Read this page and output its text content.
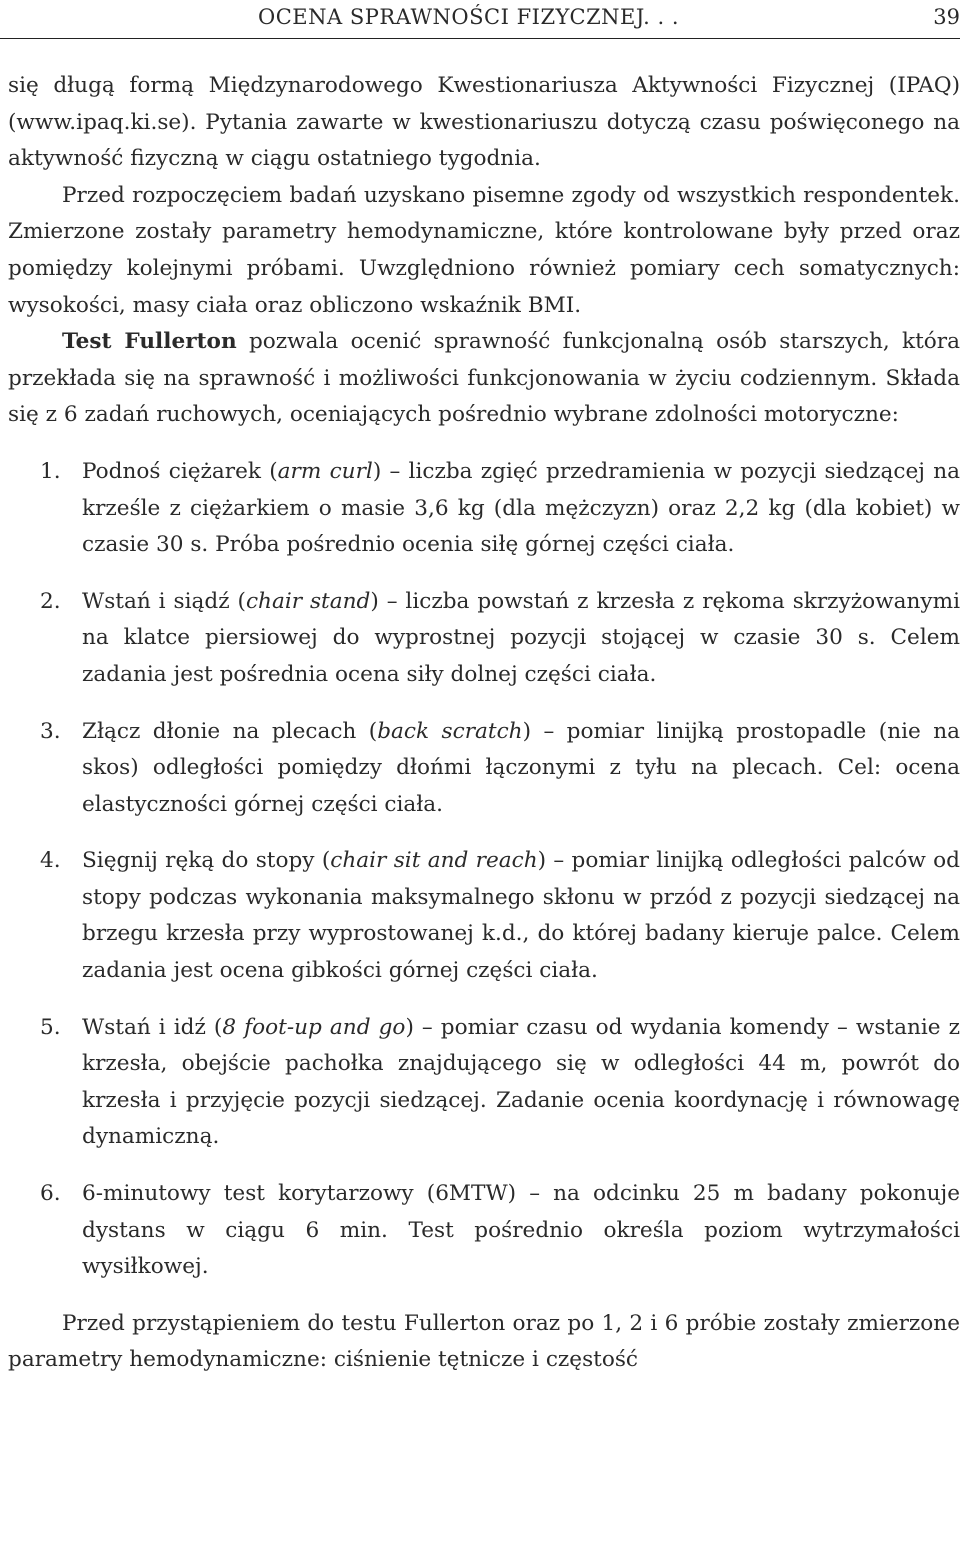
OCENA SPRAWNOŚCI FIZYCZNEJ. . .	39

się długą formą Międzynarodowego Kwestionariusza Aktywności Fizycznej (IPAQ) (www.ipaq.ki.se). Pytania zawarte w kwestionariuszu dotyczą czasu poświęconego na aktywność fizyczną w ciągu ostatniego tygodnia.

Przed rozpoczęciem badań uzyskano pisemne zgody od wszystkich respondentek. Zmierzone zostały parametry hemodynamiczne, które kontrolowane były przed oraz pomiędzy kolejnymi próbami. Uwzględniono również pomiary cech somatycznych: wysokości, masy ciała oraz obliczono wskaźnik BMI.

Test Fullerton pozwala ocenić sprawność funkcjonalną osób starszych, która przekłada się na sprawność i możliwości funkcjonowania w życiu codziennym. Składa się z 6 zadań ruchowych, oceniających pośrednio wybrane zdolności motoryczne:

1. Podnoś ciężarek (arm curl) – liczba zgięć przedramienia w pozycji siedzącej na krześle z ciężarkiem o masie 3,6 kg (dla mężczyzn) oraz 2,2 kg (dla kobiet) w czasie 30 s. Próba pośrednio ocenia siłę górnej części ciała.
2. Wstań i siądź (chair stand) – liczba powstań z krzesła z rękoma skrzyżowanymi na klatce piersiowej do wyprostnej pozycji stojącej w czasie 30 s. Celem zadania jest pośrednia ocena siły dolnej części ciała.
3. Złącz dłonie na plecach (back scratch) – pomiar linijką prostopadle (nie na skos) odległości pomiędzy dłońmi łączonymi z tyłu na plecach. Cel: ocena elastyczności górnej części ciała.
4. Sięgnij ręką do stopy (chair sit and reach) – pomiar linijką odległości palców od stopy podczas wykonania maksymalnego skłonu w przód z pozycji siedzącej na brzegu krzesła przy wyprostowanej k.d., do której badany kieruje palce. Celem zadania jest ocena gibkości górnej części ciała.
5. Wstań i idź (8 foot-up and go) – pomiar czasu od wydania komendy – wstanie z krzesła, obejście pachołka znajdującego się w odległości 44 m, powrót do krzesła i przyjęcie pozycji siedzącej. Zadanie ocenia koordynację i równowagę dynamiczną.
6. 6-minutowy test korytarzowy (6MTW) – na odcinku 25 m badany pokonuje dystans w ciągu 6 min. Test pośrednio określa poziom wytrzymałości wysiłkowej.

Przed przystąpieniem do testu Fullerton oraz po 1, 2 i 6 próbie zostały zmierzone parametry hemodynamiczne: ciśnienie tętnicze i częstość
